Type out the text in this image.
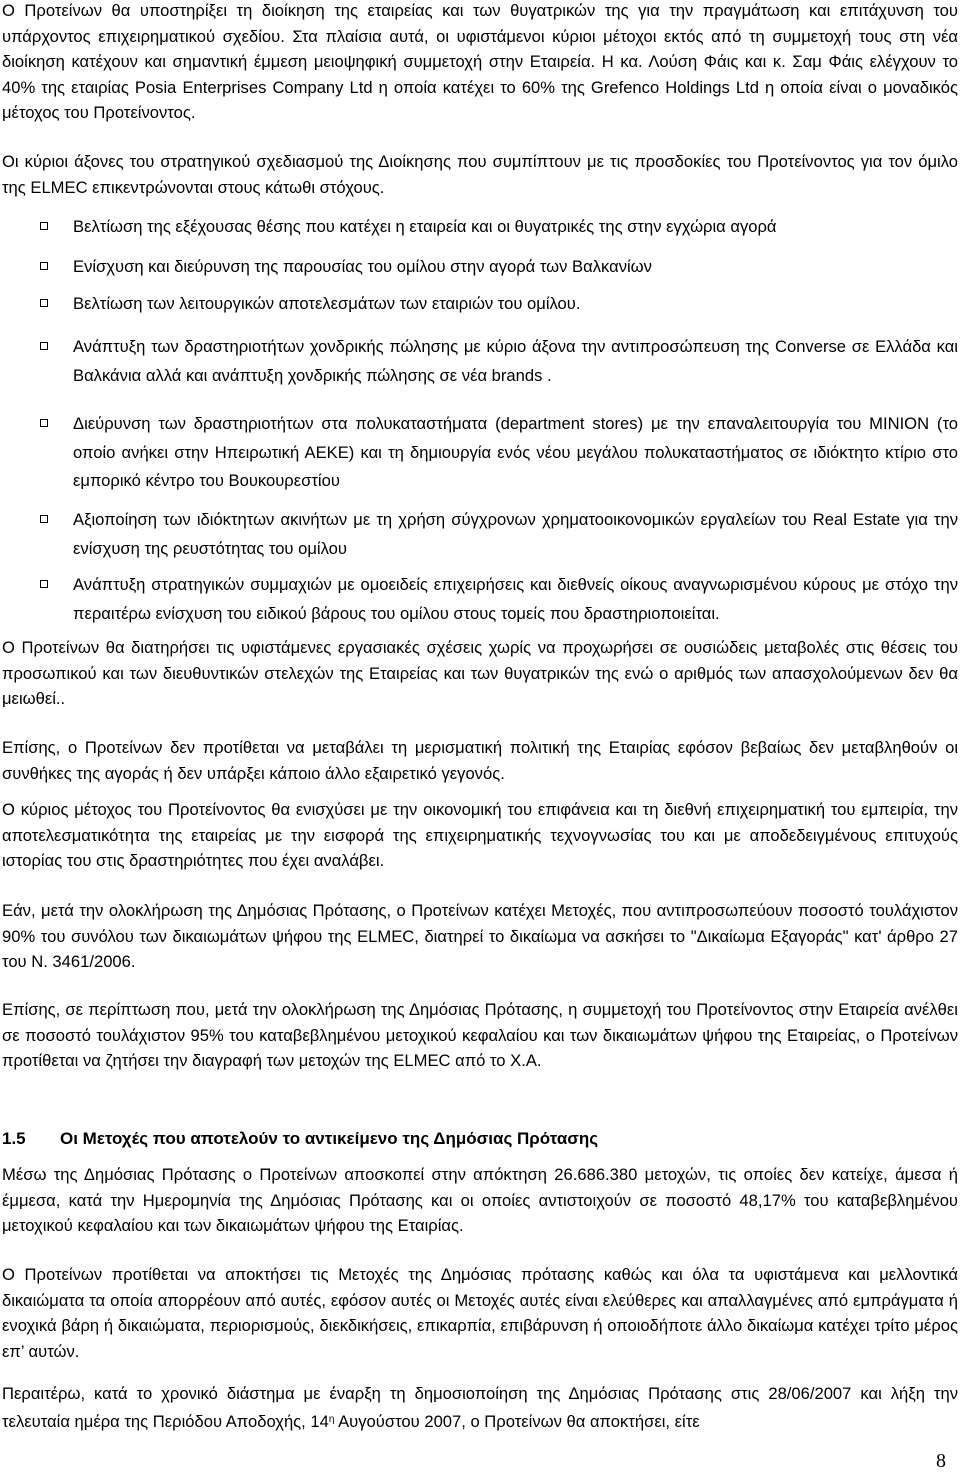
Ο Προτείνων θα υποστηρίξει τη διοίκηση της εταιρείας και των θυγατρικών της για την πραγμάτωση και επιτάχυνση του υπάρχοντος επιχειρηματικού σχεδίου. Στα πλαίσια αυτά, οι υφιστάμενοι κύριοι μέτοχοι εκτός από τη συμμετοχή τους στη νέα διοίκηση κατέχουν και σημαντική έμμεση μειοψηφική συμμετοχή στην Εταιρεία. Η κα. Λούση Φάις και κ. Σαμ Φάις ελέγχουν το 40% της εταιρίας Posia Enterprises Company Ltd η οποία κατέχει το 60% της Grefenco Holdings Ltd η οποία είναι ο μοναδικός μέτοχος του Προτείνοντος.

Οι κύριοι άξονες του στρατηγικού σχεδιασμού της Διοίκησης που συμπίπτουν με τις προσδοκίες του Προτείνοντος για τον όμιλο της ELMEC επικεντρώνονται στους κάτωθι στόχους.

Βελτίωση της εξέχουσας θέσης που κατέχει η εταιρεία και οι θυγατρικές της στην εγχώρια αγορά
Ενίσχυση και διεύρυνση της παρουσίας του ομίλου στην αγορά των Βαλκανίων
Βελτίωση των λειτουργικών αποτελεσμάτων των εταιριών του ομίλου.
Ανάπτυξη των δραστηριοτήτων χονδρικής πώλησης με κύριο άξονα την αντιπροσώπευση της Converse σε Ελλάδα και Βαλκάνια αλλά και ανάπτυξη χονδρικής πώλησης σε νέα brands .
Διεύρυνση των δραστηριοτήτων στα πολυκαταστήματα (department stores) με την επαναλειτουργία του MINION (το οποίο ανήκει στην Ηπειρωτική ΑΕΚΕ) και τη δημιουργία ενός νέου μεγάλου πολυκαταστήματος σε ιδιόκτητο κτίριο στο εμπορικό κέντρο του Βουκουρεστίου
Αξιοποίηση των ιδιόκτητων ακινήτων με τη χρήση σύγχρονων χρηματοοικονομικών εργαλείων του Real Estate για την ενίσχυση της ρευστότητας του ομίλου
Ανάπτυξη στρατηγικών συμμαχιών με ομοειδείς επιχειρήσεις και διεθνείς οίκους αναγνωρισμένου κύρους με στόχο την περαιτέρω ενίσχυση του ειδικού βάρους του ομίλου στους τομείς που δραστηριοποιείται.

Ο Προτείνων θα διατηρήσει τις υφιστάμενες εργασιακές σχέσεις χωρίς να προχωρήσει σε ουσιώδεις μεταβολές στις θέσεις του προσωπικού και των διευθυντικών στελεχών της Εταιρείας και των θυγατρικών της ενώ ο αριθμός των απασχολούμενων δεν θα μειωθεί..

Επίσης, ο Προτείνων δεν προτίθεται να μεταβάλει τη μερισματική πολιτική της Εταιρίας εφόσον βεβαίως δεν μεταβληθούν οι συνθήκες της αγοράς ή δεν υπάρξει κάποιο άλλο εξαιρετικό γεγονός.

Ο κύριος μέτοχος του Προτείνοντος θα ενισχύσει με την οικονομική του επιφάνεια και τη διεθνή επιχειρηματική του εμπειρία, την αποτελεσματικότητα της εταιρείας με την εισφορά της επιχειρηματικής τεχνογνωσίας του και με αποδεδειγμένους επιτυχούς ιστορίας του στις δραστηριότητες που έχει αναλάβει.

Εάν, μετά την ολοκλήρωση της Δημόσιας Πρότασης, ο Προτείνων κατέχει Μετοχές, που αντιπροσωπεύουν ποσοστό τουλάχιστον 90% του συνόλου των δικαιωμάτων ψήφου της ELMEC, διατηρεί το δικαίωμα να ασκήσει το "Δικαίωμα Εξαγοράς" κατ' άρθρο 27 του Ν. 3461/2006.

Επίσης, σε περίπτωση που, μετά την ολοκλήρωση της Δημόσιας Πρότασης, η συμμετοχή του Προτείνοντος στην Εταιρεία ανέλθει σε ποσοστό τουλάχιστον 95% του καταβεβλημένου μετοχικού κεφαλαίου και των δικαιωμάτων ψήφου της Εταιρείας, ο Προτείνων προτίθεται να ζητήσει την διαγραφή των μετοχών της ELMEC από το Χ.Α.

1.5 Οι Μετοχές που αποτελούν το αντικείμενο της Δημόσιας Πρότασης

Μέσω της Δημόσιας Πρότασης ο Προτείνων αποσκοπεί στην απόκτηση 26.686.380 μετοχών, τις οποίες δεν κατείχε, άμεσα ή έμμεσα, κατά την Ημερομηνία της Δημόσιας Πρότασης και οι οποίες αντιστοιχούν σε ποσοστό 48,17% του καταβεβλημένου μετοχικού κεφαλαίου και των δικαιωμάτων ψήφου της Εταιρίας.

Ο Προτείνων προτίθεται να αποκτήσει τις Μετοχές της Δημόσιας πρότασης καθώς και όλα τα υφιστάμενα και μελλοντικά δικαιώματα τα οποία απορρέουν από αυτές, εφόσον αυτές οι Μετοχές αυτές είναι ελεύθερες και απαλλαγμένες από εμπράγματα ή ενοχικά βάρη ή δικαιώματα, περιορισμούς, διεκδικήσεις, επικαρπία, επιβάρυνση ή οποιοδήποτε άλλο δικαίωμα κατέχει τρίτο μέρος επ’ αυτών.

Περαιτέρω, κατά το χρονικό διάστημα με έναρξη τη δημοσιοποίηση της Δημόσιας Πρότασης στις 28/06/2007 και λήξη την τελευταία ημέρα της Περιόδου Αποδοχής, $14^\eta$ Αυγούστου 2007, ο Προτείνων θα αποκτήσει, είτε

8
